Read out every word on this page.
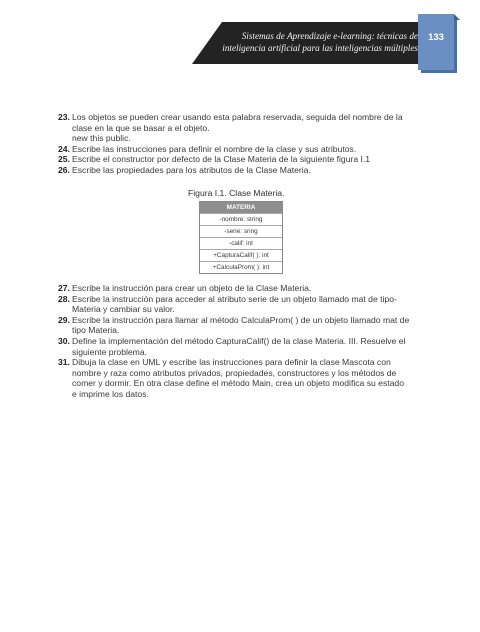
Sistemas de Aprendizaje e-learning: técnicas de
inteligencia artificial para las inteligencias múltiples
133
23. Los objetos se pueden crear usando esta palabra reservada, seguida del nombre de la
clase en la que se basar a el objeto.
new this public.
24. Escribe las instrucciones para definir el nombre de la clase y sus atributos.
25. Escribe el constructor por defecto de la Clase Materia de la siguiente figura I.1
26. Escribe las propiedades para los atributos de la Clase Materia.
Figura I.1. Clase Materia.
MATERIA
-nombre: string
-serie: sring
-calif: int
+CapturaCalif( ): int
+CalculaProm( ): int
27. Escribe la instrucción para crear un objeto de la Clase Materia.
28. Escribe la instrucción para acceder al atributo serie de un objeto llamado mat de tipo-
Materia y cambiar su valor.
29. Escribe la instrucción para llamar al método CalculaProm( ) de un objeto llamado mat de
tipo Materia.
30. Define la implementación del método CapturaCalif() de la clase Materia. III. Resuelve el
siguiente problema.
31. Dibuja la clase en UML y escribe las instrucciones para definir la clase Mascota con
nombre y raza como atributos privados, propiedades, constructores y los métodos de
comer y dormir. En otra clase define el método Main, crea un objeto modifica su estado
e imprime los datos.
